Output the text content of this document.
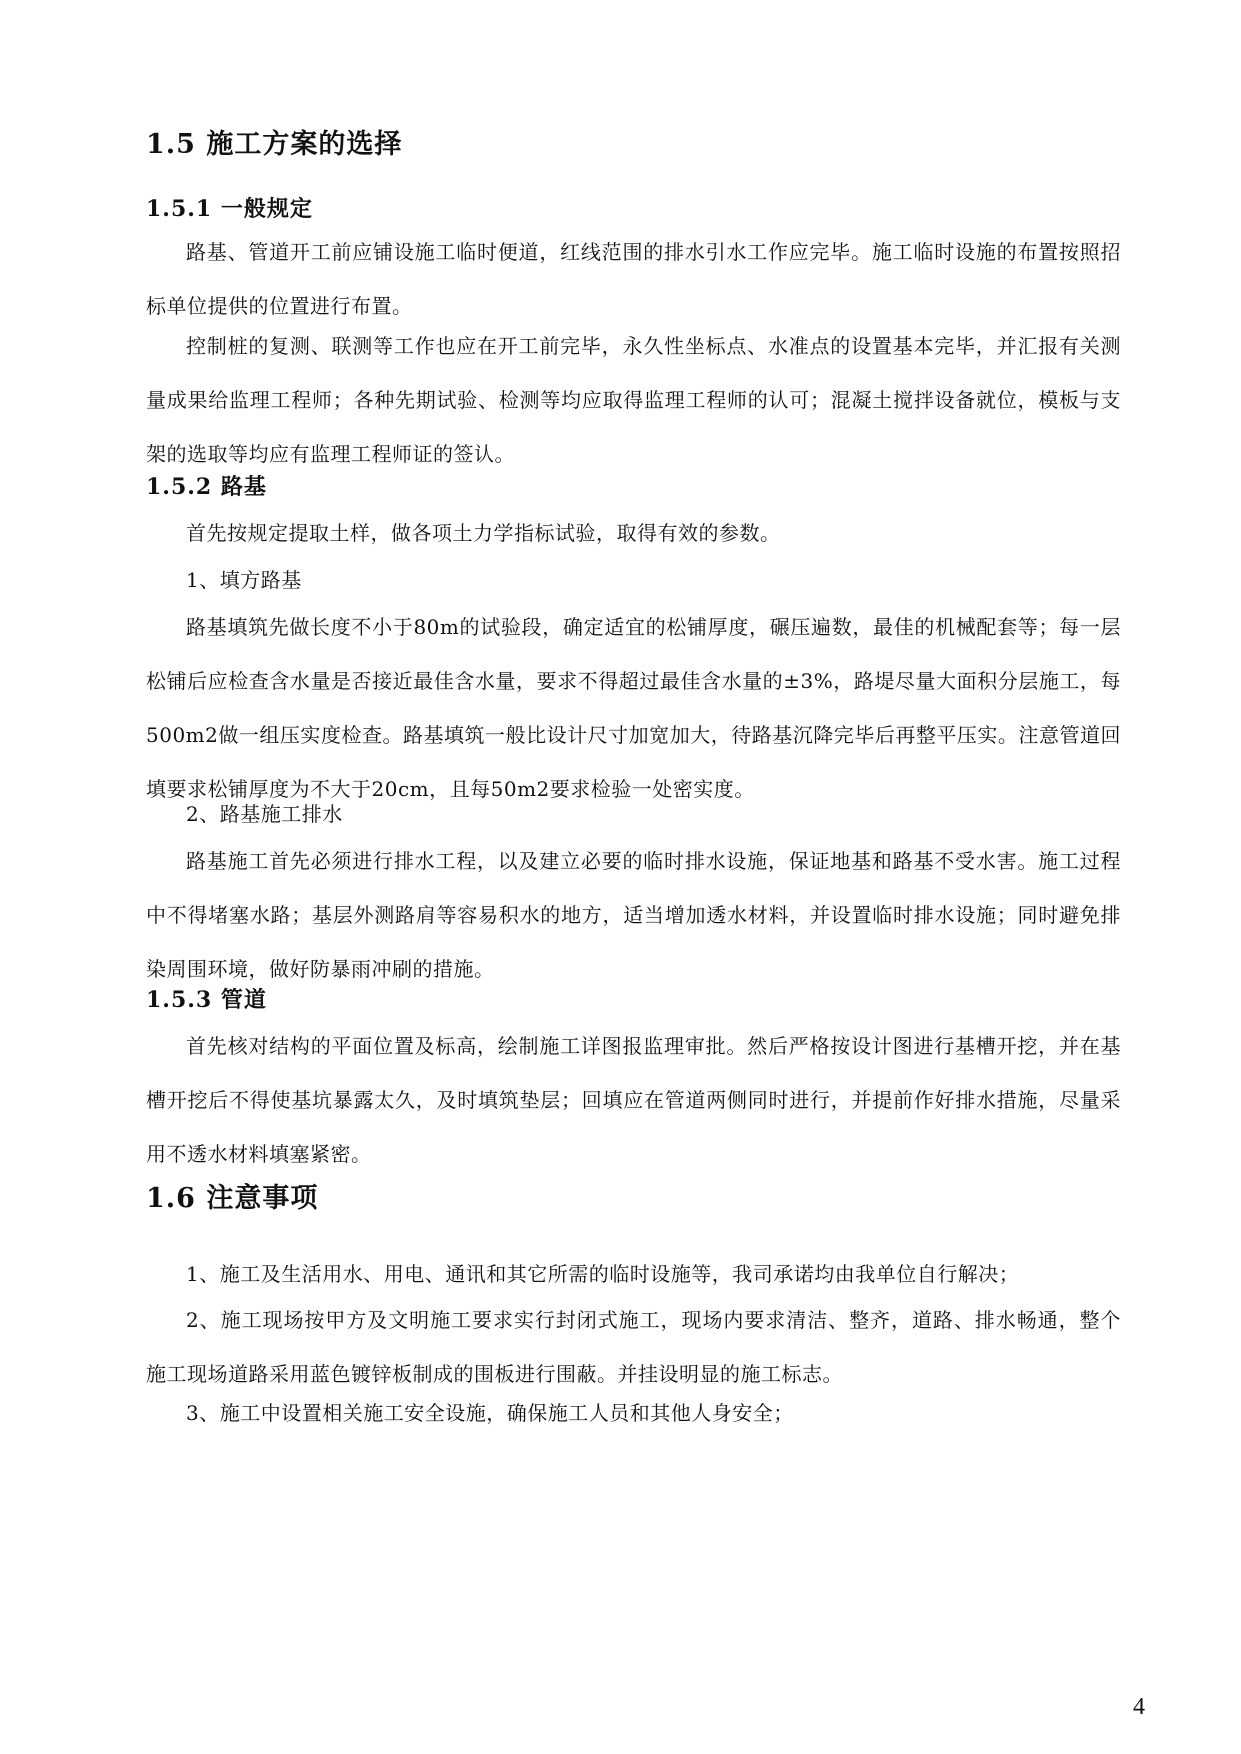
1.5 施工方案的选择
1.5.1 一般规定
路基、管道开工前应铺设施工临时便道，红线范围的排水引水工作应完毕。施工临时设施的布置按照招标单位提供的位置进行布置。
控制桩的复测、联测等工作也应在开工前完毕，永久性坐标点、水准点的设置基本完毕，并汇报有关测量成果给监理工程师；各种先期试验、检测等均应取得监理工程师的认可；混凝土搅拌设备就位，模板与支架的选取等均应有监理工程师证的签认。
1.5.2 路基
首先按规定提取土样，做各项土力学指标试验，取得有效的参数。
1、填方路基
路基填筑先做长度不小于80m的试验段，确定适宜的松铺厚度，碾压遍数，最佳的机械配套等；每一层松铺后应检查含水量是否接近最佳含水量，要求不得超过最佳含水量的±3%，路堤尽量大面积分层施工，每500m2做一组压实度检查。路基填筑一般比设计尺寸加宽加大，待路基沉降完毕后再整平压实。注意管道回填要求松铺厚度为不大于20cm，且每50m2要求检验一处密实度。
2、路基施工排水
路基施工首先必须进行排水工程，以及建立必要的临时排水设施，保证地基和路基不受水害。施工过程中不得堵塞水路；基层外测路肩等容易积水的地方，适当增加透水材料，并设置临时排水设施；同时避免排染周围环境，做好防暴雨冲刷的措施。
1.5.3 管道
首先核对结构的平面位置及标高，绘制施工详图报监理审批。然后严格按设计图进行基槽开挖，并在基槽开挖后不得使基坑暴露太久，及时填筑垫层；回填应在管道两侧同时进行，并提前作好排水措施，尽量采用不透水材料填塞紧密。
1.6 注意事项
1、施工及生活用水、用电、通讯和其它所需的临时设施等，我司承诺均由我单位自行解决；
2、施工现场按甲方及文明施工要求实行封闭式施工，现场内要求清洁、整齐，道路、排水畅通，整个施工现场道路采用蓝色镀锌板制成的围板进行围蔽。并挂设明显的施工标志。
3、施工中设置相关施工安全设施，确保施工人员和其他人身安全；
4
